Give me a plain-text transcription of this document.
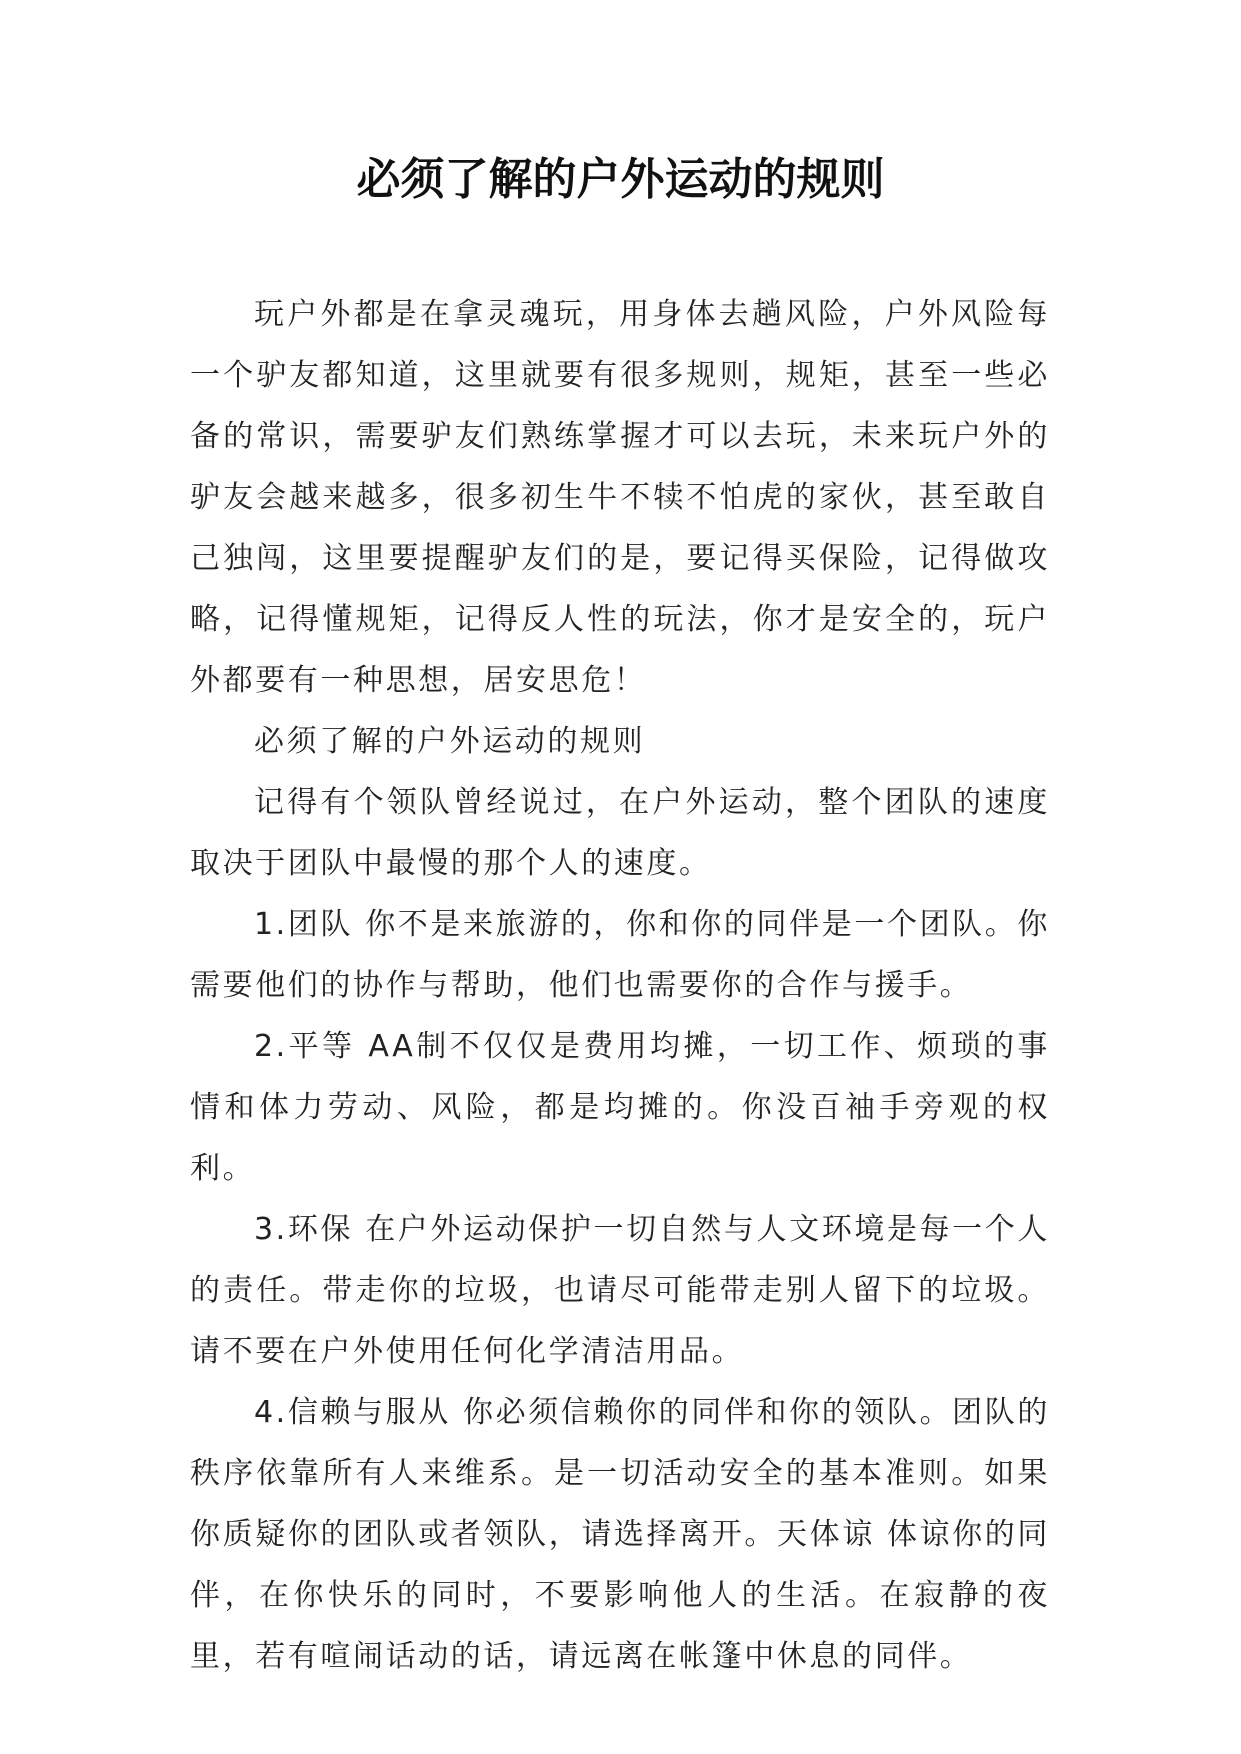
必须了解的户外运动的规则

玩户外都是在拿灵魂玩，用身体去趟风险，户外风险每一个驴友都知道，这里就要有很多规则，规矩，甚至一些必备的常识，需要驴友们熟练掌握才可以去玩，未来玩户外的驴友会越来越多，很多初生牛不犊不怕虎的家伙，甚至敢自己独闯，这里要提醒驴友们的是，要记得买保险，记得做攻略，记得懂规矩，记得反人性的玩法，你才是安全的，玩户外都要有一种思想，居安思危！

必须了解的户外运动的规则

记得有个领队曾经说过，在户外运动，整个团队的速度取决于团队中最慢的那个人的速度。

1.团队 你不是来旅游的，你和你的同伴是一个团队。你需要他们的协作与帮助，他们也需要你的合作与援手。

2.平等 AA制不仅仅是费用均摊，一切工作、烦琐的事情和体力劳动、风险，都是均摊的。你没百袖手旁观的权利。

3.环保 在户外运动保护一切自然与人文环境是每一个人的责任。带走你的垃圾，也请尽可能带走别人留下的垃圾。请不要在户外使用任何化学清洁用品。

4.信赖与服从 你必须信赖你的同伴和你的领队。团队的秩序依靠所有人来维系。是一切活动安全的基本准则。如果你质疑你的团队或者领队，请选择离开。天体谅 体谅你的同伴，在你快乐的同时，不要影响他人的生活。在寂静的夜里，若有喧闹话动的话，请远离在帐篷中休息的同伴。
